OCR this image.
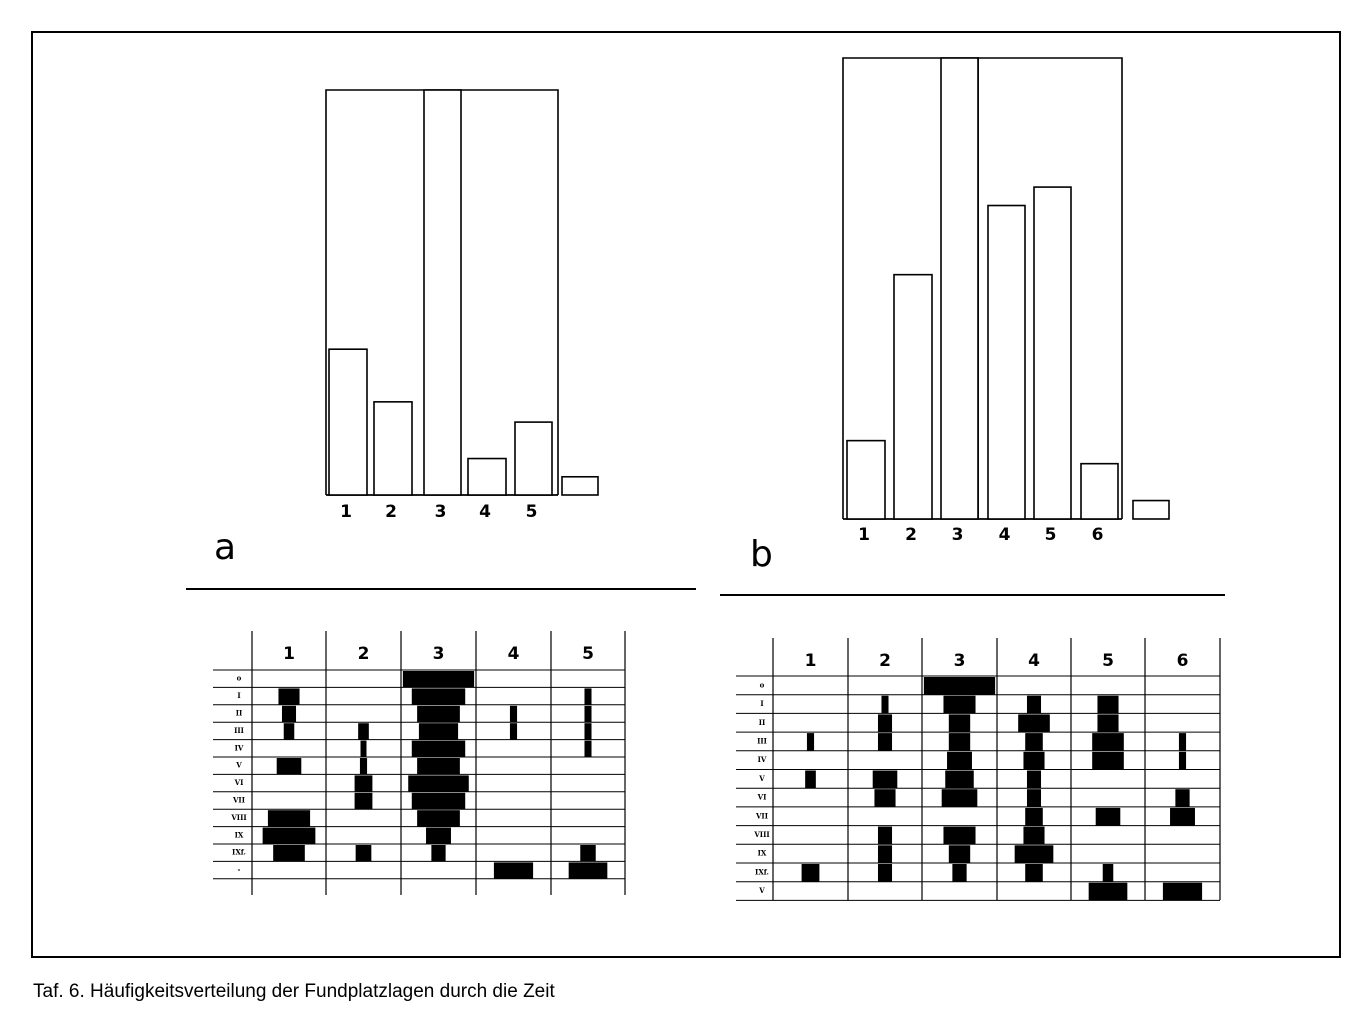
a	b
1 2 3 4 5
1 2 3 4 5 6
1	2	3	4	5
o
I
II
III
IV
V
VI
VII
VIII
IX
IXf.
-
1	2	3	4	5	6
o
I
II
III
IV
V
VI
VII
VIII
IX
IXf.
V
Taf. 6. Häufigkeitsverteilung der Fundplatzlagen durch die Zeit
